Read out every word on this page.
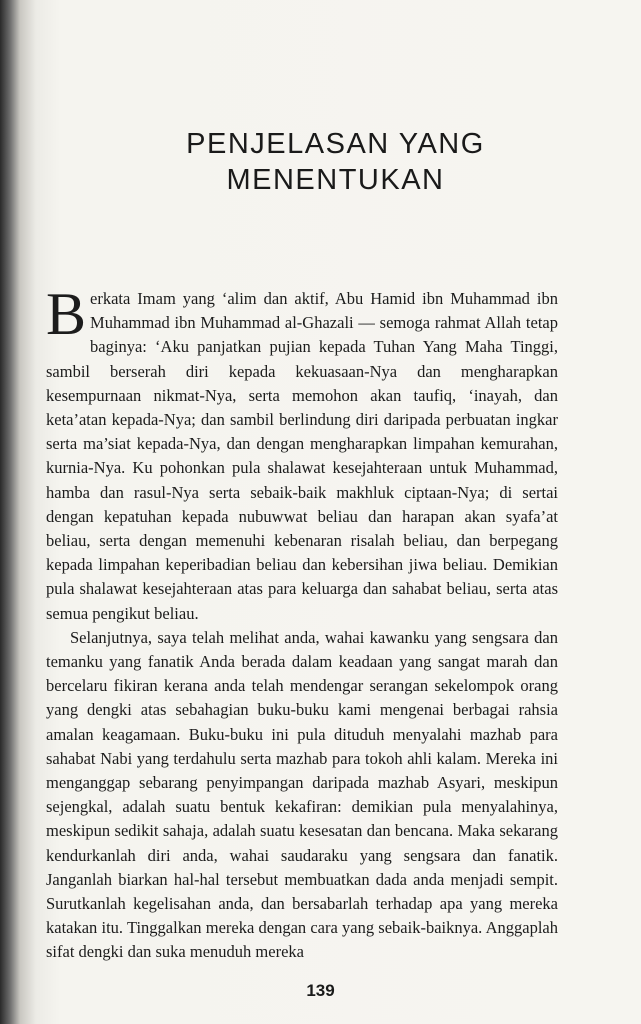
PENJELASAN YANG
MENENTUKAN

Berkata Imam yang ‘alim dan aktif, Abu Hamid ibn Muhammad ibn Muhammad ibn Muhammad al-Ghazali — semoga rahmat Allah tetap baginya: ‘Aku panjatkan pujian kepada Tuhan Yang Maha Tinggi, sambil berserah diri kepada kekuasaan-Nya dan mengharapkan kesempurnaan nikmat-Nya, serta memohon akan taufiq, ‘inayah, dan keta’atan kepada-Nya; dan sambil berlindung diri daripada perbuatan ingkar serta ma’siat kepada-Nya, dan dengan mengharapkan limpahan kemurahan, kurnia-Nya. Ku pohonkan pula shalawat kesejahteraan untuk Muhammad, hamba dan rasul-Nya serta sebaik-baik makhluk ciptaan-Nya; di sertai dengan kepatuhan kepada nubuwwat beliau dan harapan akan syafa’at beliau, serta dengan memenuhi kebenaran risalah beliau, dan berpegang kepada limpahan keperibadian beliau dan kebersihan jiwa beliau. Demikian pula shalawat kesejahteraan atas para keluarga dan sahabat beliau, serta atas semua pengikut beliau.

Selanjutnya, saya telah melihat anda, wahai kawanku yang sengsara dan temanku yang fanatik Anda berada dalam keadaan yang sangat marah dan bercelaru fikiran kerana anda telah mendengar serangan sekelompok orang yang dengki atas sebahagian buku-buku kami mengenai berbagai rahsia amalan keagamaan. Buku-buku ini pula dituduh menyalahi mazhab para sahabat Nabi yang terdahulu serta mazhab para tokoh ahli kalam. Mereka ini menganggap sebarang penyimpangan daripada mazhab Asyari, meskipun sejengkal, adalah suatu bentuk kekafiran: demikian pula menyalahinya, meskipun sedikit sahaja, adalah suatu kesesatan dan bencana. Maka sekarang kendurkanlah diri anda, wahai saudaraku yang sengsara dan fanatik. Janganlah biarkan hal-hal tersebut membuatkan dada anda menjadi sempit. Surutkanlah kegelisahan anda, dan bersabarlah terhadap apa yang mereka katakan itu. Tinggalkan mereka dengan cara yang sebaik-baiknya. Anggaplah sifat dengki dan suka menuduh mereka

139
